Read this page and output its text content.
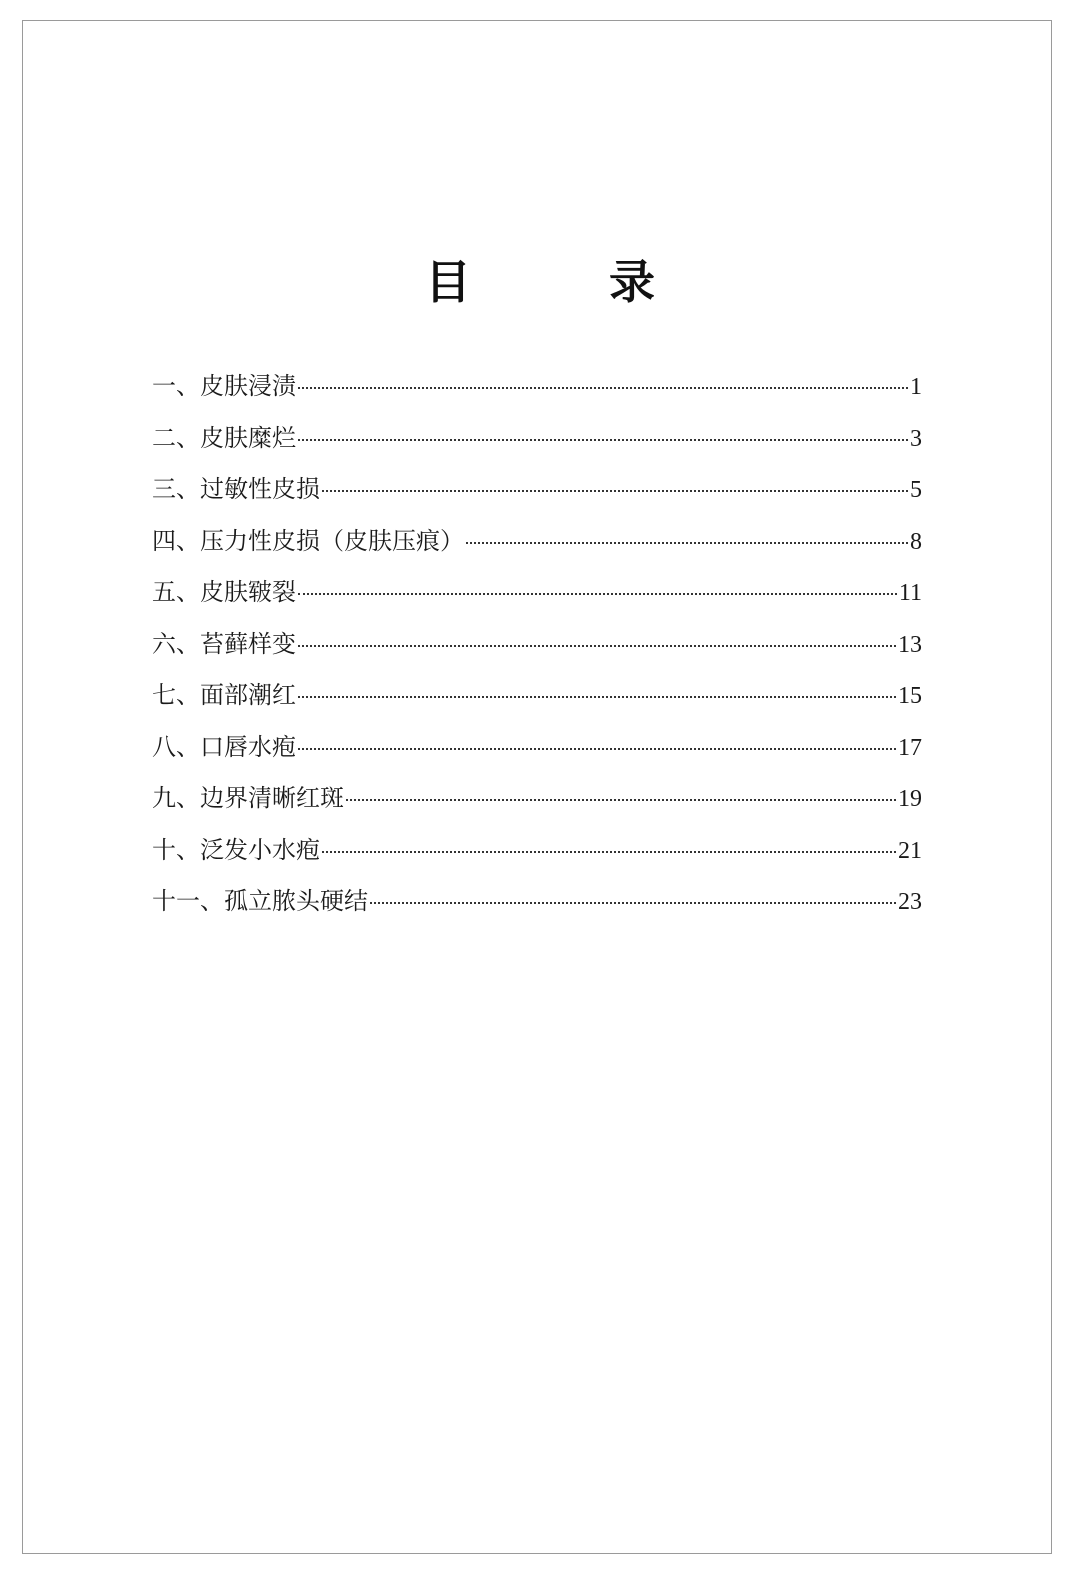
目　录
一、皮肤浸渍	1
二、皮肤糜烂	3
三、过敏性皮损	5
四、压力性皮损（皮肤压痕）	8
五、皮肤皲裂	11
六、苔藓样变	13
七、面部潮红	15
八、口唇水疱	17
九、边界清晰红斑	19
十、泛发小水疱	21
十一、孤立脓头硬结	23
